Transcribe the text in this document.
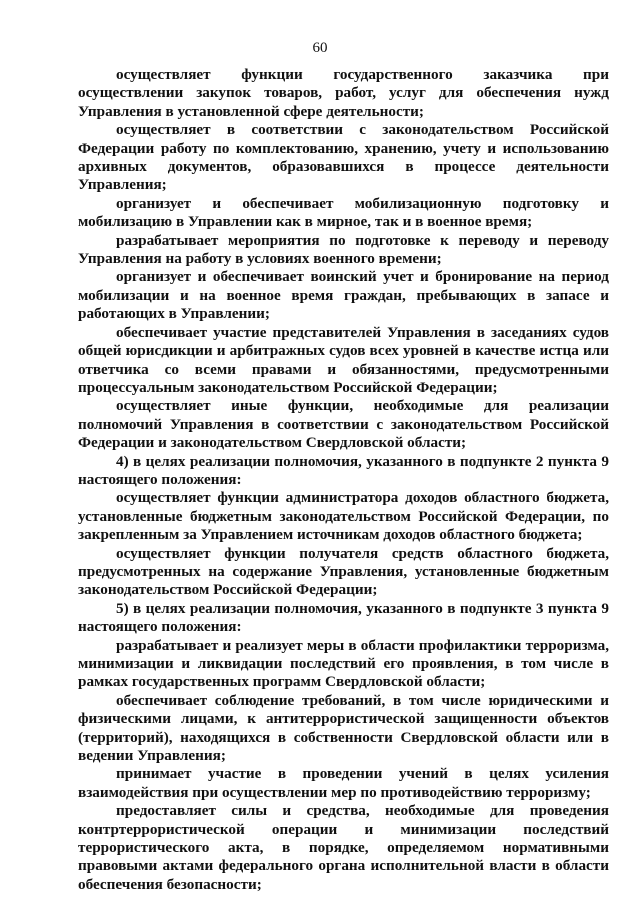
60

осуществляет функции государственного заказчика при осуществлении закупок товаров, работ, услуг для обеспечения нужд Управления в установленной сфере деятельности;

осуществляет в соответствии с законодательством Российской Федерации работу по комплектованию, хранению, учету и использованию архивных документов, образовавшихся в процессе деятельности Управления;

организует и обеспечивает мобилизационную подготовку и мобилизацию в Управлении как в мирное, так и в военное время;

разрабатывает мероприятия по подготовке к переводу и переводу Управления на работу в условиях военного времени;

организует и обеспечивает воинский учет и бронирование на период мобилизации и на военное время граждан, пребывающих в запасе и работающих в Управлении;

обеспечивает участие представителей Управления в заседаниях судов общей юрисдикции и арбитражных судов всех уровней в качестве истца или ответчика со всеми правами и обязанностями, предусмотренными процессуальным законодательством Российской Федерации;

осуществляет иные функции, необходимые для реализации полномочий Управления в соответствии с законодательством Российской Федерации и законодательством Свердловской области;

4) в целях реализации полномочия, указанного в подпункте 2 пункта 9 настоящего положения:

осуществляет функции администратора доходов областного бюджета, установленные бюджетным законодательством Российской Федерации, по закрепленным за Управлением источникам доходов областного бюджета;

осуществляет функции получателя средств областного бюджета, предусмотренных на содержание Управления, установленные бюджетным законодательством Российской Федерации;

5) в целях реализации полномочия, указанного в подпункте 3 пункта 9 настоящего положения:

разрабатывает и реализует меры в области профилактики терроризма, минимизации и ликвидации последствий его проявления, в том числе в рамках государственных программ Свердловской области;

обеспечивает соблюдение требований, в том числе юридическими и физическими лицами, к антитеррористической защищенности объектов (территорий), находящихся в собственности Свердловской области или в ведении Управления;

принимает участие в проведении учений в целях усиления взаимодействия при осуществлении мер по противодействию терроризму;

предоставляет силы и средства, необходимые для проведения контртеррористической операции и минимизации последствий террористического акта, в порядке, определяемом нормативными правовыми актами федерального органа исполнительной власти в области обеспечения безопасности;
